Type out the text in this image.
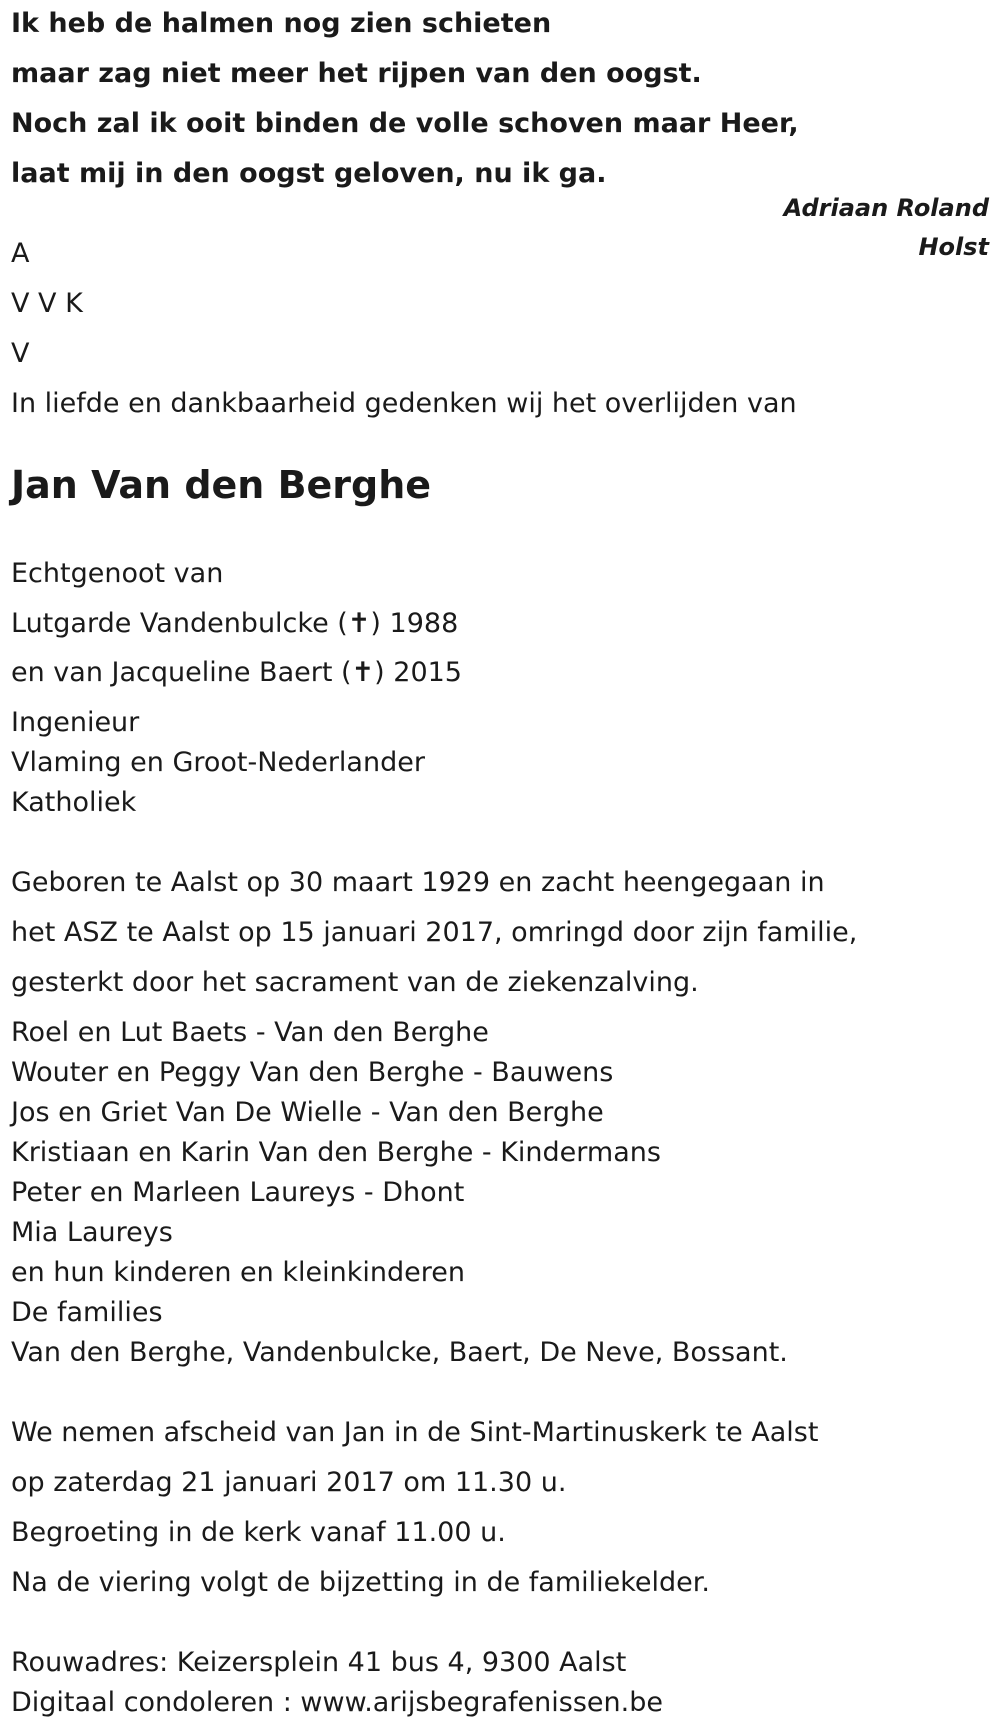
Ik heb de halmen nog zien schieten
maar zag niet meer het rijpen van den oogst.
Noch zal ik ooit binden de volle schoven maar Heer,
laat mij in den oogst geloven, nu ik ga.
Adriaan Roland
Holst
A
V V K
V
In liefde en dankbaarheid gedenken wij het overlijden van
Jan Van den Berghe
Echtgenoot van
Lutgarde Vandenbulcke (✝) 1988
en van Jacqueline Baert (✝) 2015
Ingenieur
Vlaming en Groot-Nederlander
Katholiek
Geboren te Aalst op 30 maart 1929 en zacht heengegaan in
het ASZ te Aalst op 15 januari 2017, omringd door zijn familie,
gesterkt door het sacrament van de ziekenzalving.
Roel en Lut Baets - Van den Berghe
Wouter en Peggy Van den Berghe - Bauwens
Jos en Griet Van De Wielle - Van den Berghe
Kristiaan en Karin Van den Berghe - Kindermans
Peter en Marleen Laureys - Dhont
Mia Laureys
en hun kinderen en kleinkinderen
De families
Van den Berghe, Vandenbulcke, Baert, De Neve, Bossant.
We nemen afscheid van Jan in de Sint-Martinuskerk te Aalst
op zaterdag 21 januari 2017 om 11.30 u.
Begroeting in de kerk vanaf 11.00 u.
Na de viering volgt de bijzetting in de familiekelder.
Rouwadres: Keizersplein 41 bus 4, 9300 Aalst
Digitaal condoleren : www.arijsbegrafenissen.be
